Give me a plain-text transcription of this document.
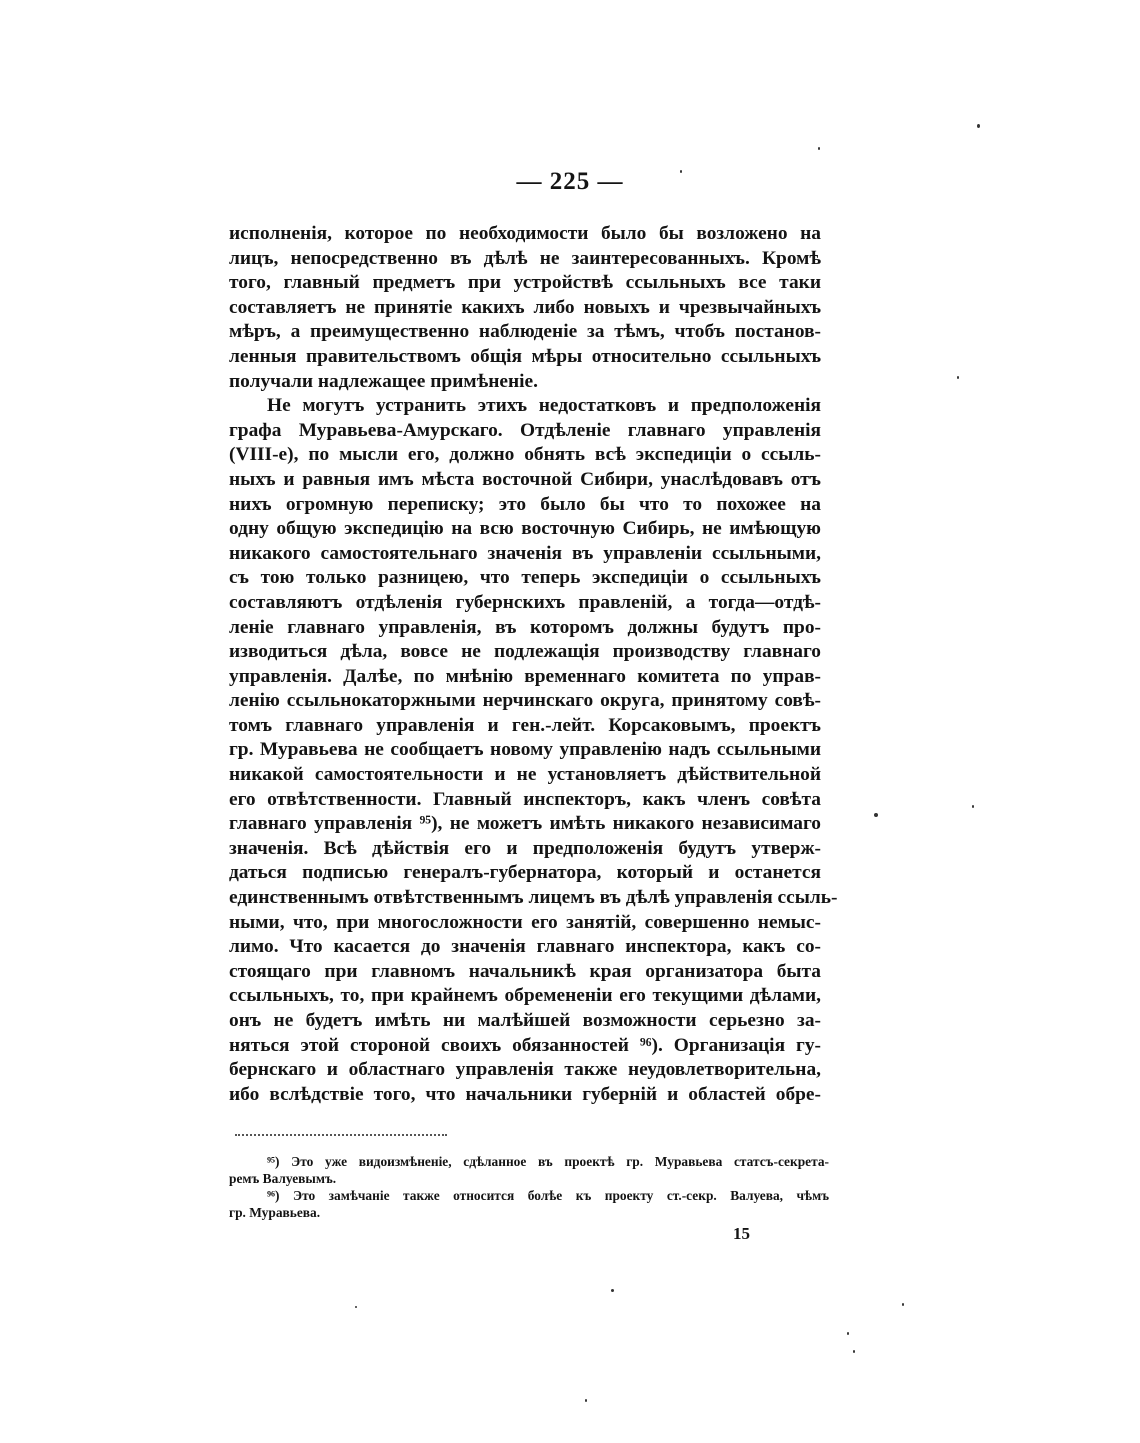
— 225 —
исполненія, которое по необходимости было бы возложено на
лицъ, непосредственно въ дѣлѣ не заинтересованныхъ. Кромѣ
того, главный предметъ при устройствѣ ссыльныхъ все таки
составляетъ не принятіе какихъ либо новыхъ и чрезвычайныхъ
мѣръ, а преимущественно наблюденіе за тѣмъ, чтобъ постанов-
ленныя правительствомъ общія мѣры относительно ссыльныхъ
получали надлежащее примѣненіе.
Не могутъ устранить этихъ недостатковъ и предположенія
графа Муравьева-Амурскаго. Отдѣленіе главнаго управленія
(VIII-е), по мысли его, должно обнять всѣ экспедиціи о ссыль-
ныхъ и равныя имъ мѣста восточной Сибири, унаслѣдовавъ отъ
нихъ огромную переписку; это было бы что то похожее на
одну общую экспедицію на всю восточную Сибирь, не имѣющую
никакого самостоятельнаго значенія въ управленіи ссыльными,
съ тою только разницею, что теперь экспедиціи о ссыльныхъ
составляютъ отдѣленія губернскихъ правленій, а тогда—отдѣ-
леніе главнаго управленія, въ которомъ должны будутъ про-
изводиться дѣла, вовсе не подлежащія производству главнаго
управленія. Далѣе, по мнѣнію временнаго комитета по управ-
ленію ссыльнокаторжными нерчинскаго округа, принятому совѣ-
томъ главнаго управленія и ген.-лейт. Корсаковымъ, проектъ
гр. Муравьева не сообщаетъ новому управленію надъ ссыльными
никакой самостоятельности и не установляетъ дѣйствительной
его отвѣтственности. Главный инспекторъ, какъ членъ совѣта
главнаго управленія ⁹⁵), не можетъ имѣть никакого независимаго
значенія. Всѣ дѣйствія его и предположенія будутъ утверж-
даться подписью генералъ-губернатора, который и останется
единственнымъ отвѣтственнымъ лицемъ въ дѣлѣ управленія ссыль-
ными, что, при многосложности его занятій, совершенно немыс-
лимо. Что касается до значенія главнаго инспектора, какъ со-
стоящаго при главномъ начальникѣ края организатора быта
ссыльныхъ, то, при крайнемъ обремененіи его текущими дѣлами,
онъ не будетъ имѣть ни малѣйшей возможности серьезно за-
няться этой стороной своихъ обязанностей ⁹⁶). Организація гу-
бернскаго и областнаго управленія также неудовлетворительна,
ибо вслѣдствіе того, что начальники губерній и областей обре-
⁹⁵) Это уже видоизмѣненіе, сдѣланное въ проектѣ гр. Муравьева статсъ-секрета-
ремъ Валуевымъ.
⁹⁶) Это замѣчаніе также относится болѣе къ проекту ст.-секр. Валуева, чѣмъ
гр. Муравьева.
15
